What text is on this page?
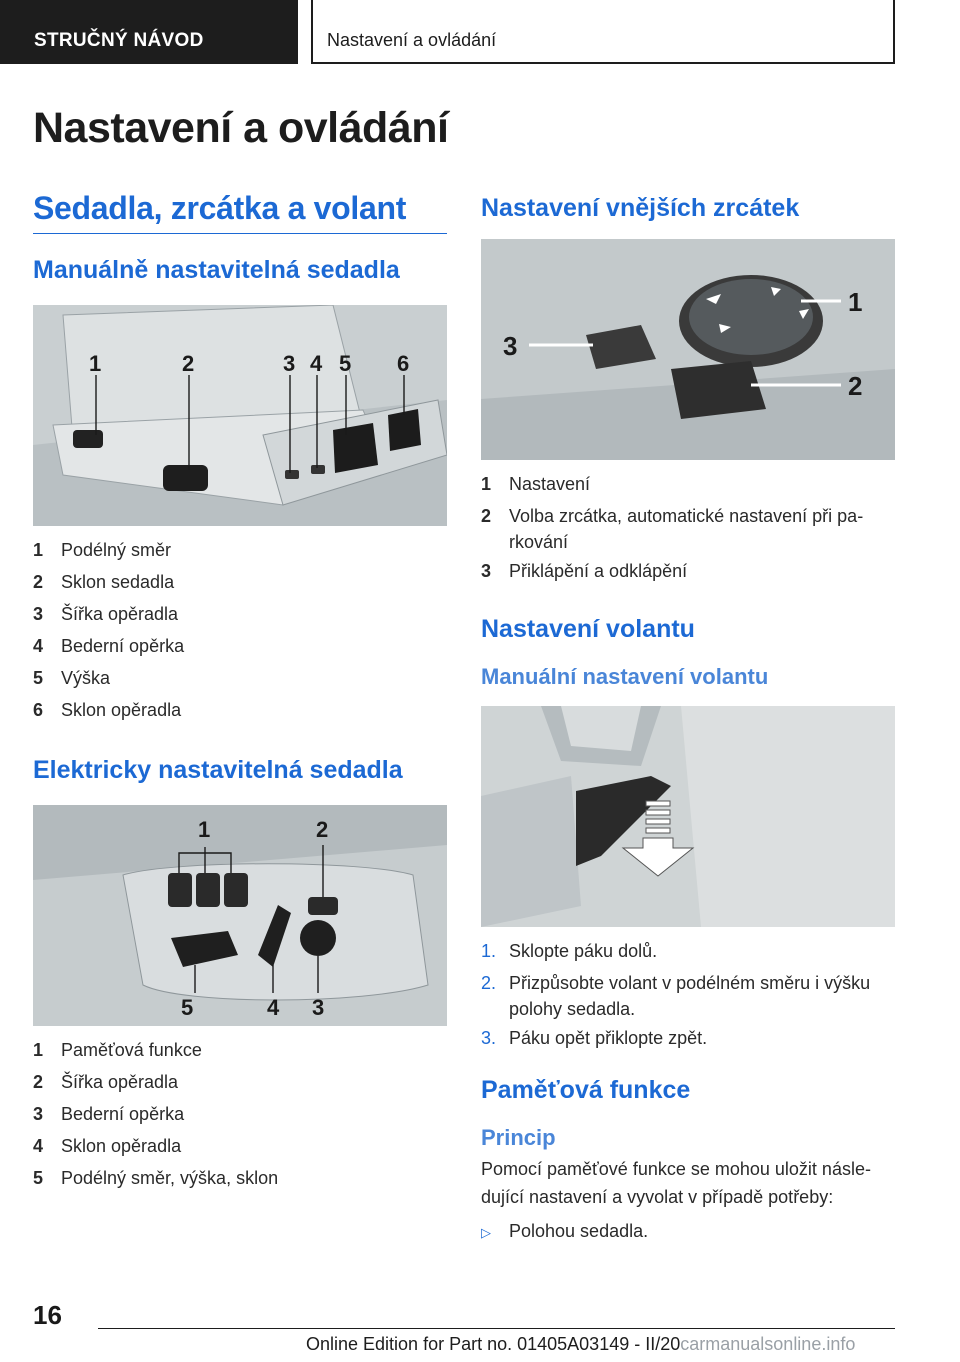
STRUČNÝ NÁVOD	Nastavení a ovládání
Nastavení a ovládání
Sedadla, zrcátka a volant
Manuálně nastavitelná sedadla
1	2	3 4 5 6
1 Podélný směr
2 Sklon sedadla
3 Šířka opěradla
4 Bederní opěrka
5 Výška
6 Sklon opěradla
Elektricky nastavitelná sedadla
1	2
5	4 3
1 Paměťová funkce
2 Šířka opěradla
3 Bederní opěrka
4 Sklon opěradla
5 Podélný směr, výška, sklon
Nastavení vnějších zrcátek
1
2
3
1 Nastavení
2 Volba zrcátka, automatické nastavení při pa-rkování
3 Přiklápění a odklápění
Nastavení volantu
Manuální nastavení volantu
1. Sklopte páku dolů.
2. Přizpůsobte volant v podélném směru i výšku polohy sedadla.
3. Páku opět přiklopte zpět.
Paměťová funkce
Princip
Pomocí paměťové funkce se mohou uložit násle-dující nastavení a vyvolat v případě potřeby:
▷	Polohou sedadla.
16
Online Edition for Part no. 01405A03149 - II/20carmanualsonline.info
